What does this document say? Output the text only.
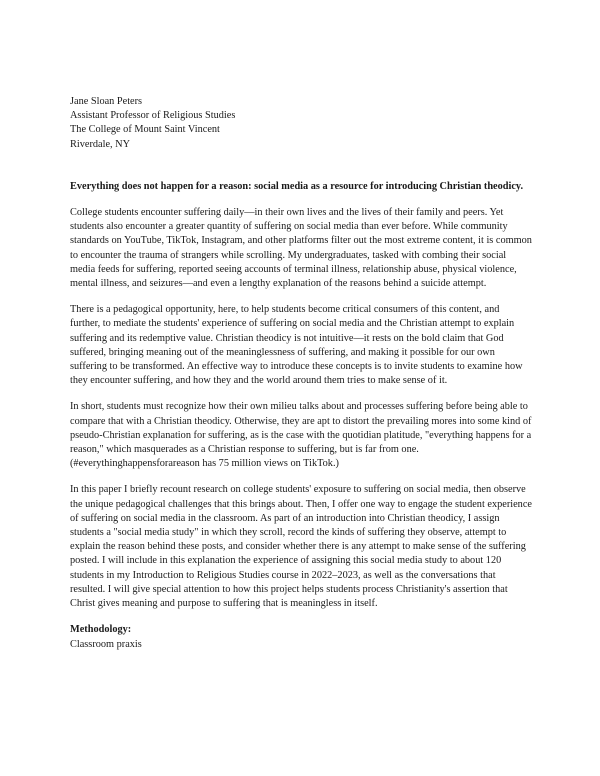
Jane Sloan Peters
Assistant Professor of Religious Studies
The College of Mount Saint Vincent
Riverdale, NY
Everything does not happen for a reason: social media as a resource for introducing Christian theodicy.

College students encounter suffering daily—in their own lives and the lives of their family and peers. Yet students also encounter a greater quantity of suffering on social media than ever before. While community standards on YouTube, TikTok, Instagram, and other platforms filter out the most extreme content, it is common to encounter the trauma of strangers while scrolling. My undergraduates, tasked with combing their social media feeds for suffering, reported seeing accounts of terminal illness, relationship abuse, physical violence, mental illness, and seizures—and even a lengthy explanation of the reasons behind a suicide attempt.

There is a pedagogical opportunity, here, to help students become critical consumers of this content, and further, to mediate the students' experience of suffering on social media and the Christian attempt to explain suffering and its redemptive value. Christian theodicy is not intuitive—it rests on the bold claim that God suffered, bringing meaning out of the meaninglessness of suffering, and making it possible for our own suffering to be transformed. An effective way to introduce these concepts is to invite students to examine how they encounter suffering, and how they and the world around them tries to make sense of it.

In short, students must recognize how their own milieu talks about and processes suffering before being able to compare that with a Christian theodicy. Otherwise, they are apt to distort the prevailing mores into some kind of pseudo-Christian explanation for suffering, as is the case with the quotidian platitude, "everything happens for a reason," which masquerades as a Christian response to suffering, but is far from one. (#everythinghappensforareason has 75 million views on TikTok.)

In this paper I briefly recount research on college students' exposure to suffering on social media, then observe the unique pedagogical challenges that this brings about. Then, I offer one way to engage the student experience of suffering on social media in the classroom. As part of an introduction into Christian theodicy, I assign students a "social media study" in which they scroll, record the kinds of suffering they observe, attempt to explain the reason behind these posts, and consider whether there is any attempt to make sense of the suffering posted. I will include in this explanation the experience of assigning this social media study to about 120 students in my Introduction to Religious Studies course in 2022–2023, as well as the conversations that resulted. I will give special attention to how this project helps students process Christianity's assertion that Christ gives meaning and purpose to suffering that is meaningless in itself.

Methodology:
Classroom praxis
